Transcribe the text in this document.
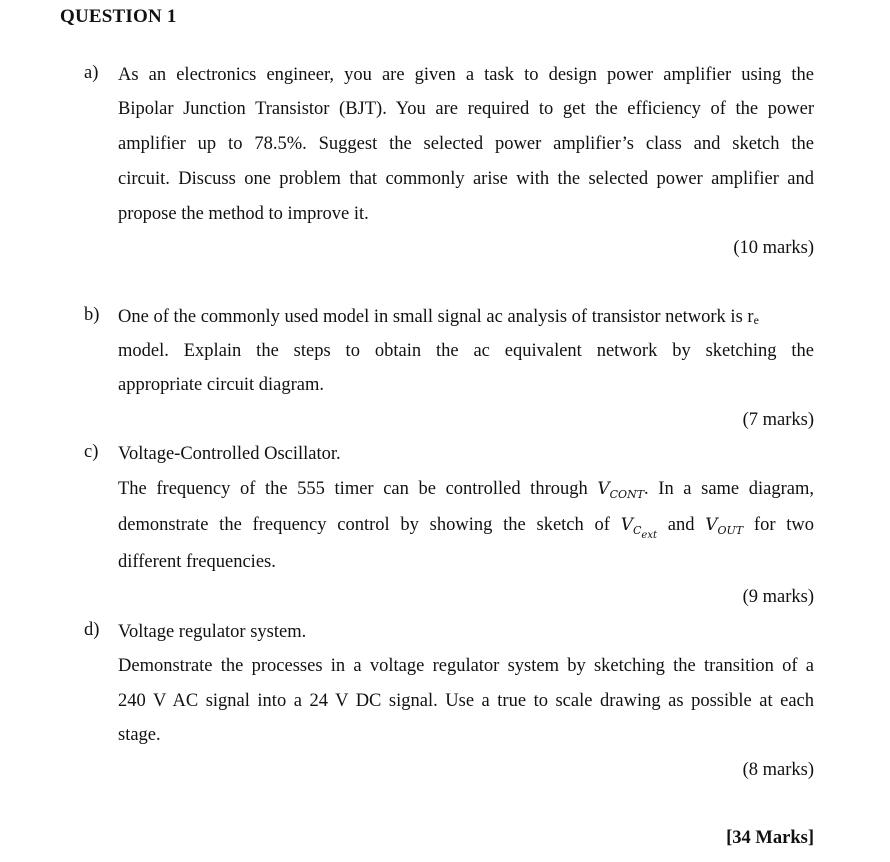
QUESTION 1
a) As an electronics engineer, you are given a task to design power amplifier using the
Bipolar Junction Transistor (BJT). You are required to get the efficiency of the power
amplifier up to 78.5%. Suggest the selected power amplifier’s class and sketch the
circuit. Discuss one problem that commonly arise with the selected power amplifier and
propose the method to improve it.
(10 marks)
b) One of the commonly used model in small signal ac analysis of transistor network is re
model. Explain the steps to obtain the ac equivalent network by sketching the
appropriate circuit diagram.
(7 marks)
c) Voltage-Controlled Oscillator.
The frequency of the 555 timer can be controlled through $V_{CONT}$. In a same diagram,
demonstrate the frequency control by showing the sketch of $V_{C_{ext}}$ and $V_{OUT}$ for two
different frequencies.
(9 marks)
d) Voltage regulator system.
Demonstrate the processes in a voltage regulator system by sketching the transition of a
240 V AC signal into a 24 V DC signal. Use a true to scale drawing as possible at each
stage.
(8 marks)
[34 Marks]
